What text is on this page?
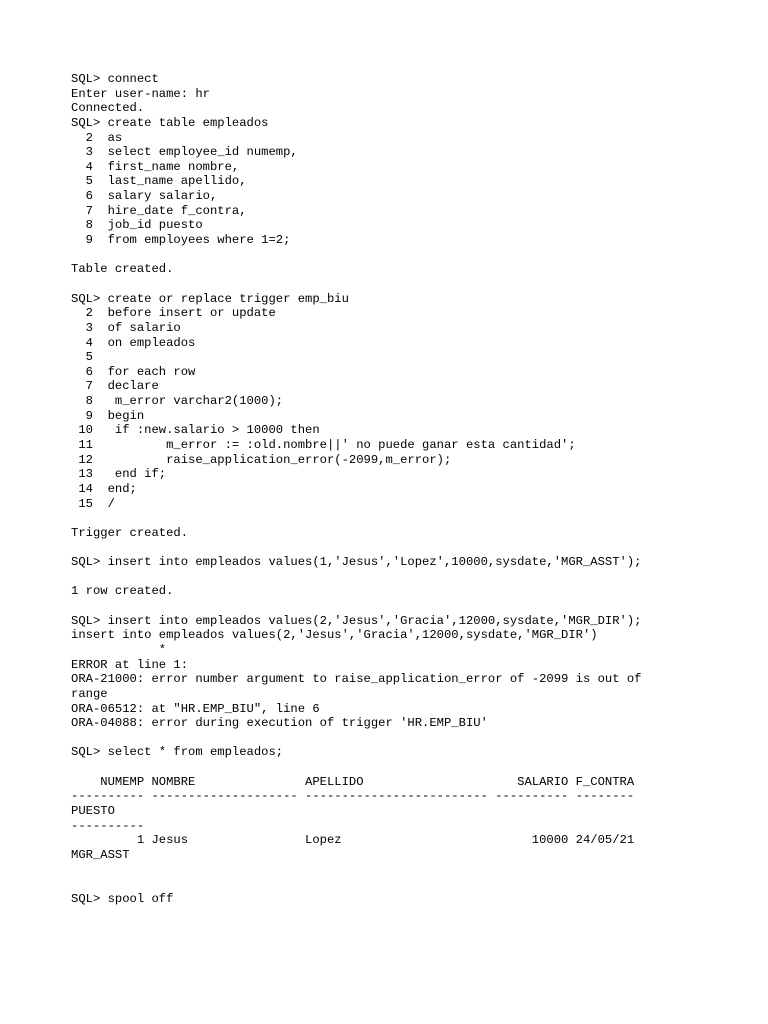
SQL> connect
Enter user-name: hr
Connected.
SQL> create table empleados
2  as
3  select employee_id numemp,
4  first_name nombre,
5  last_name apellido,
6  salary salario,
7  hire_date f_contra,
8  job_id puesto
9  from employees where 1=2;
Table created.
SQL> create or replace trigger emp_biu
2  before insert or update
3  of salario
4  on empleados
5
6  for each row
7  declare
8   m_error varchar2(1000);
9  begin
10   if :new.salario > 10000 then
11          m_error := :old.nombre||' no puede ganar esta cantidad';
12          raise_application_error(-2099,m_error);
13   end if;
14  end;
15  /
Trigger created.
SQL> insert into empleados values(1,'Jesus','Lopez',10000,sysdate,'MGR_ASST');
1 row created.
SQL> insert into empleados values(2,'Jesus','Gracia',12000,sysdate,'MGR_DIR');
insert into empleados values(2,'Jesus','Gracia',12000,sysdate,'MGR_DIR')
*
ERROR at line 1:
ORA-21000: error number argument to raise_application_error of -2099 is out of
range
ORA-06512: at "HR.EMP_BIU", line 6
ORA-04088: error during execution of trigger 'HR.EMP_BIU'
SQL> select * from empleados;
NUMEMP NOMBRE               APELLIDO                     SALARIO F_CONTRA
---------- -------------------- ------------------------- ---------- --------
PUESTO
----------
1 Jesus                Lopez                          10000 24/05/21
MGR_ASST
SQL> spool off
